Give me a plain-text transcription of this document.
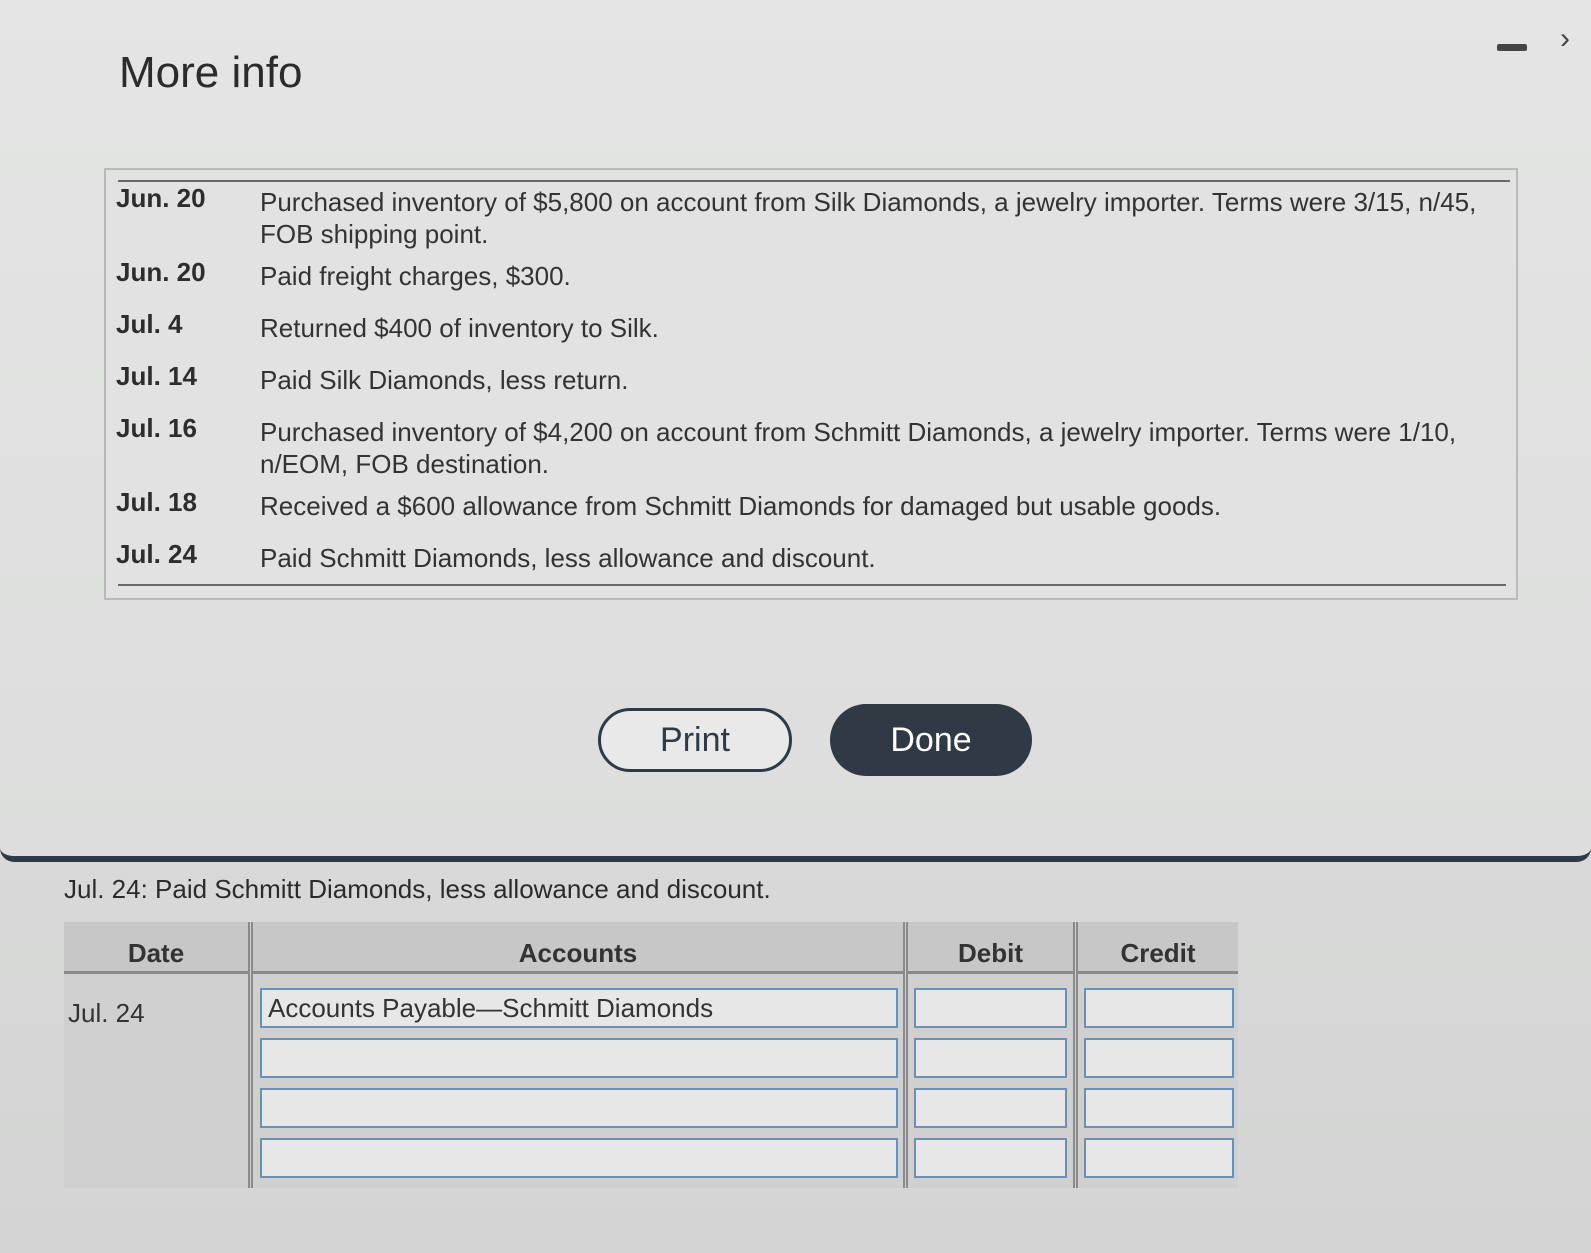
More info
›
Jun. 20	Purchased inventory of $5,800 on account from Silk Diamonds, a jewelry importer. Terms were 3/15, n/45, FOB shipping point.
Jun. 20	Paid freight charges, $300.
Jul. 4	Returned $400 of inventory to Silk.
Jul. 14	Paid Silk Diamonds, less return.
Jul. 16	Purchased inventory of $4,200 on account from Schmitt Diamonds, a jewelry importer. Terms were 1/10, n/EOM, FOB destination.
Jul. 18	Received a $600 allowance from Schmitt Diamonds for damaged but usable goods.
Jul. 24	Paid Schmitt Diamonds, less allowance and discount.
Print	Done
Jul. 24: Paid Schmitt Diamonds, less allowance and discount.
Date	Accounts	Debit	Credit
Jul. 24	Accounts Payable—Schmitt Diamonds
